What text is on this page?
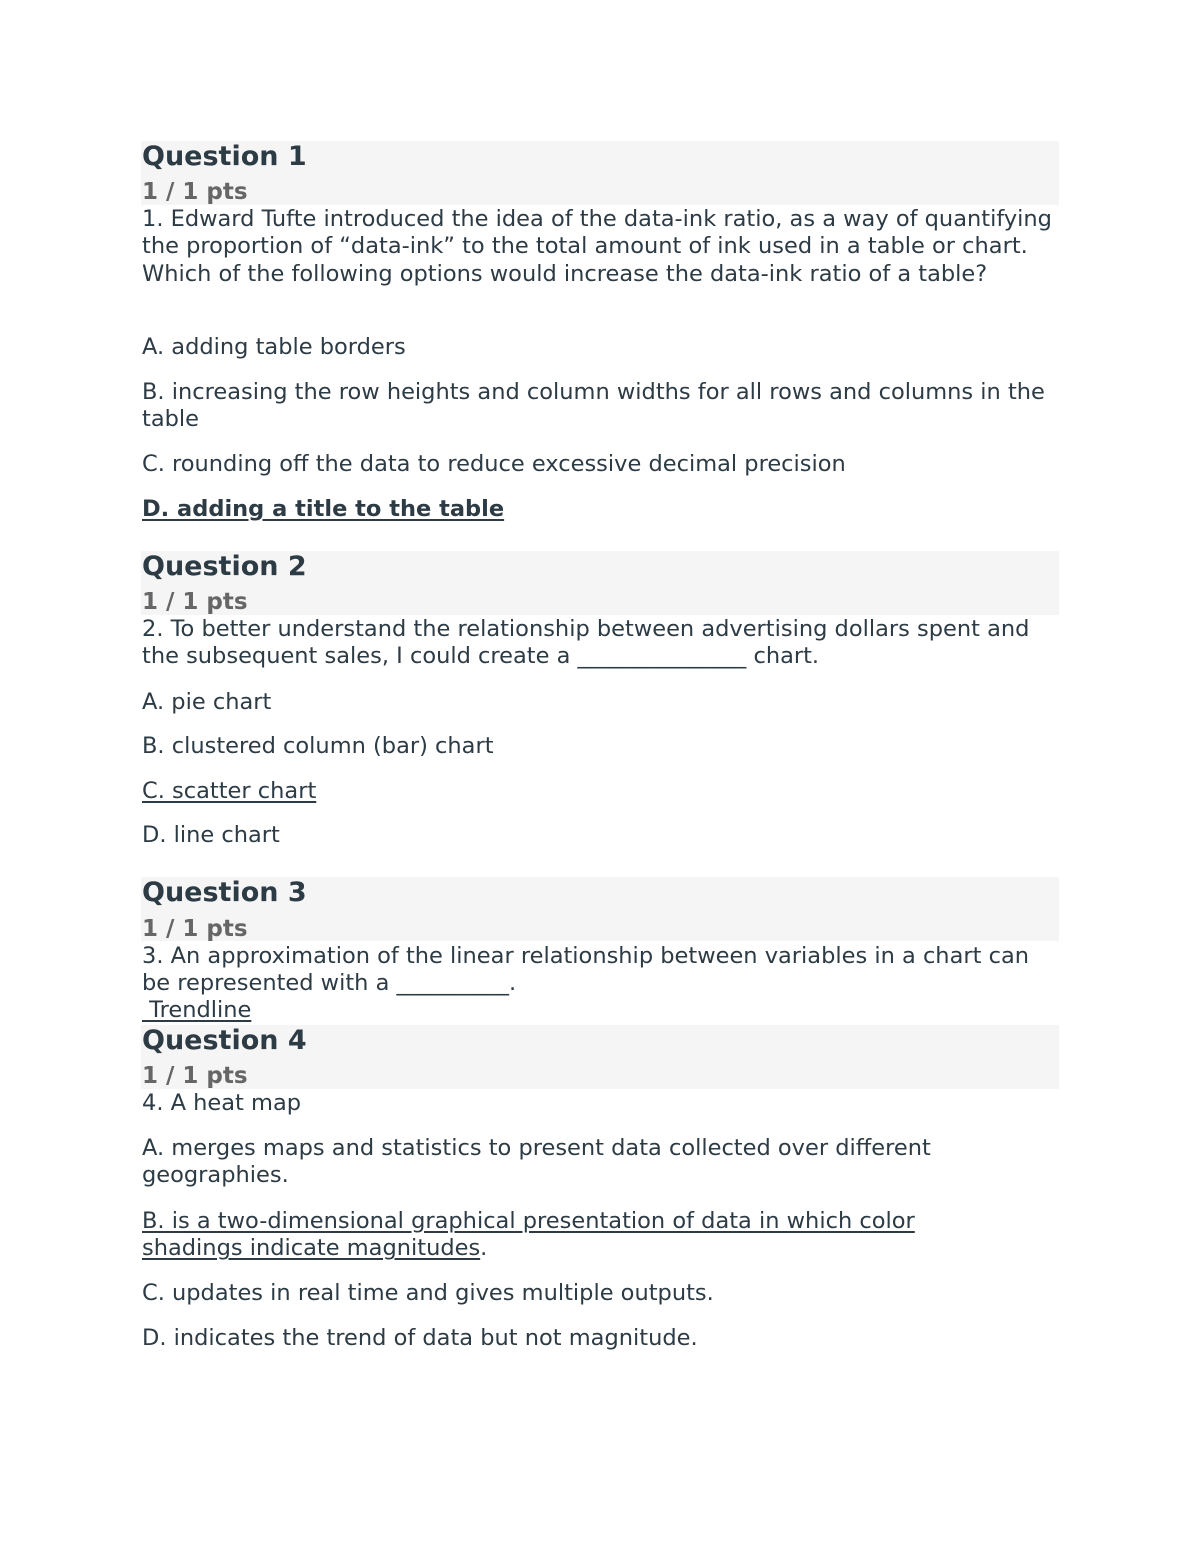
Question 1
1 / 1 pts
1. Edward Tufte introduced the idea of the data-ink ratio, as a way of quantifying the proportion of “data-ink” to the total amount of ink used in a table or chart. Which of the following options would increase the data-ink ratio of a table?
A. adding table borders
B. increasing the row heights and column widths for all rows and columns in the table
C. rounding off the data to reduce excessive decimal precision
D. adding a title to the table
Question 2
1 / 1 pts
2. To better understand the relationship between advertising dollars spent and the subsequent sales, I could create a _______________ chart.
A. pie chart
B. clustered column (bar) chart
C. scatter chart
D. line chart
Question 3
1 / 1 pts
3. An approximation of the linear relationship between variables in a chart can be represented with a __________.
Trendline
Question 4
1 / 1 pts
4. A heat map
A. merges maps and statistics to present data collected over different geographies.
B. is a two-dimensional graphical presentation of data in which color shadings indicate magnitudes.
C. updates in real time and gives multiple outputs.
D. indicates the trend of data but not magnitude.
